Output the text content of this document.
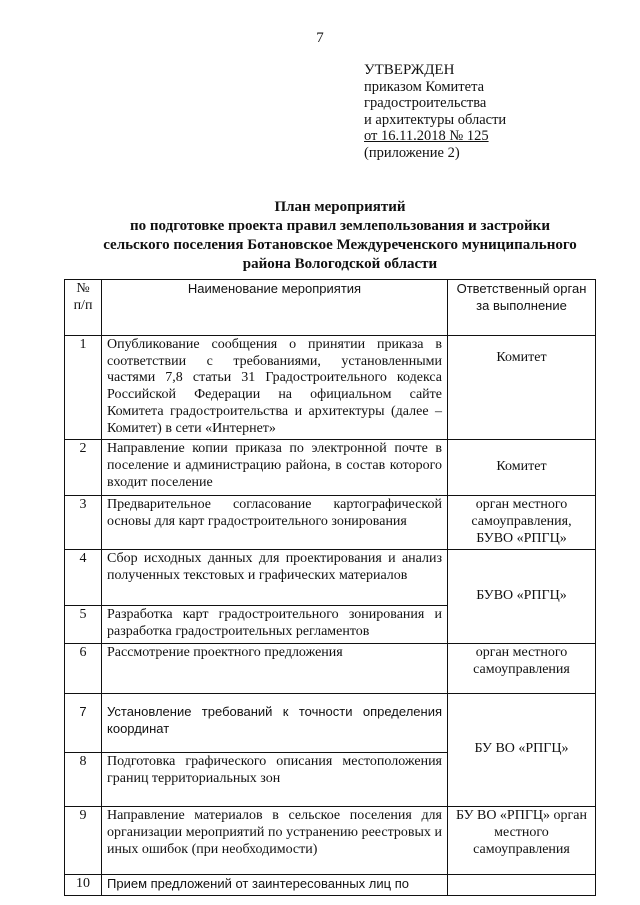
7
УТВЕРЖДЕН
приказом Комитета
градостроительства
и архитектуры области
от 16.11.2018 № 125
(приложение 2)
План мероприятий
по подготовке проекта правил землепользования и застройки
сельского поселения Ботановское Междуреченского муниципального
района Вологодской области
№ п/п	Наименование мероприятия	Ответственный орган за выполнение
1	Опубликование сообщения о принятии приказа в соответствии с требованиями, установленными частями 7,8 статьи 31 Градостроительного кодекса Российской Федерации на официальном сайте Комитета градостроительства и архитектуры (далее – Комитет) в сети «Интернет»	Комитет
2	Направление копии приказа по электронной почте в поселение и администрацию района, в состав которого входит поселение	Комитет
3	Предварительное согласование картографической основы для карт градостроительного зонирования	орган местного самоуправления, БУВО «РПГЦ»
4	Сбор исходных данных для проектирования и анализ полученных текстовых и графических материалов	БУВО «РПГЦ»
5	Разработка карт градостроительного зонирования и разработка градостроительных регламентов	
6	Рассмотрение проектного предложения	орган местного самоуправления
7	Установление требований к точности определения координат	БУ ВО «РПГЦ»
8	Подготовка графического описания местоположения границ территориальных зон	
9	Направление материалов в сельское поселения для организации мероприятий по устранению реестровых и иных ошибок (при необходимости)	БУ ВО «РПГЦ» орган местного самоуправления
10	Прием предложений от заинтересованных лиц по	
